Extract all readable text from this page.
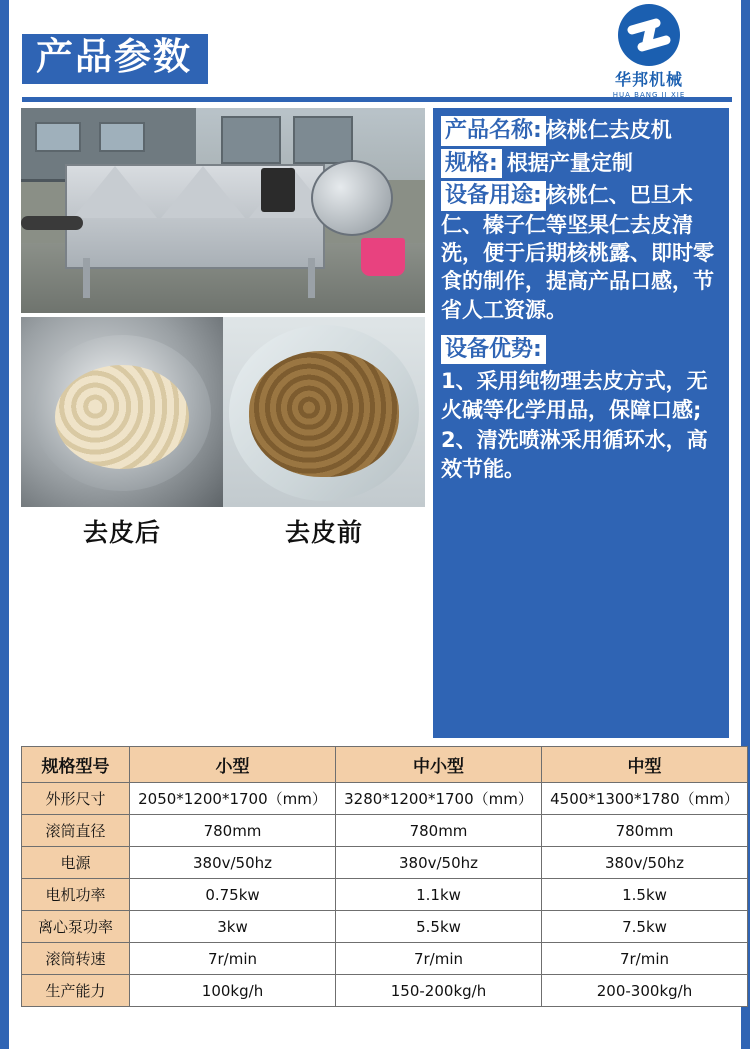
产品参数
华邦机械
HUA BANG JI XIE
去皮后	去皮前
产品名称: 核桃仁去皮机
规格: 根据产量定制
设备用途: 核桃仁、巴旦木仁、榛子仁等坚果仁去皮清洗，便于后期核桃露、即时零食的制作，提高产品口感，节省人工资源。
设备优势:
1、采用纯物理去皮方式，无火碱等化学用品，保障口感;
2、清洗喷淋采用循环水，高效节能。
规格型号	小型	中小型	中型
外形尺寸	2050*1200*1700（mm）	3280*1200*1700（mm）	4500*1300*1780（mm）
滚筒直径	780mm	780mm	780mm
电源	380v/50hz	380v/50hz	380v/50hz
电机功率	0.75kw	1.1kw	1.5kw
离心泵功率	3kw	5.5kw	7.5kw
滚筒转速	7r/min	7r/min	7r/min
生产能力	100kg/h	150-200kg/h	200-300kg/h
